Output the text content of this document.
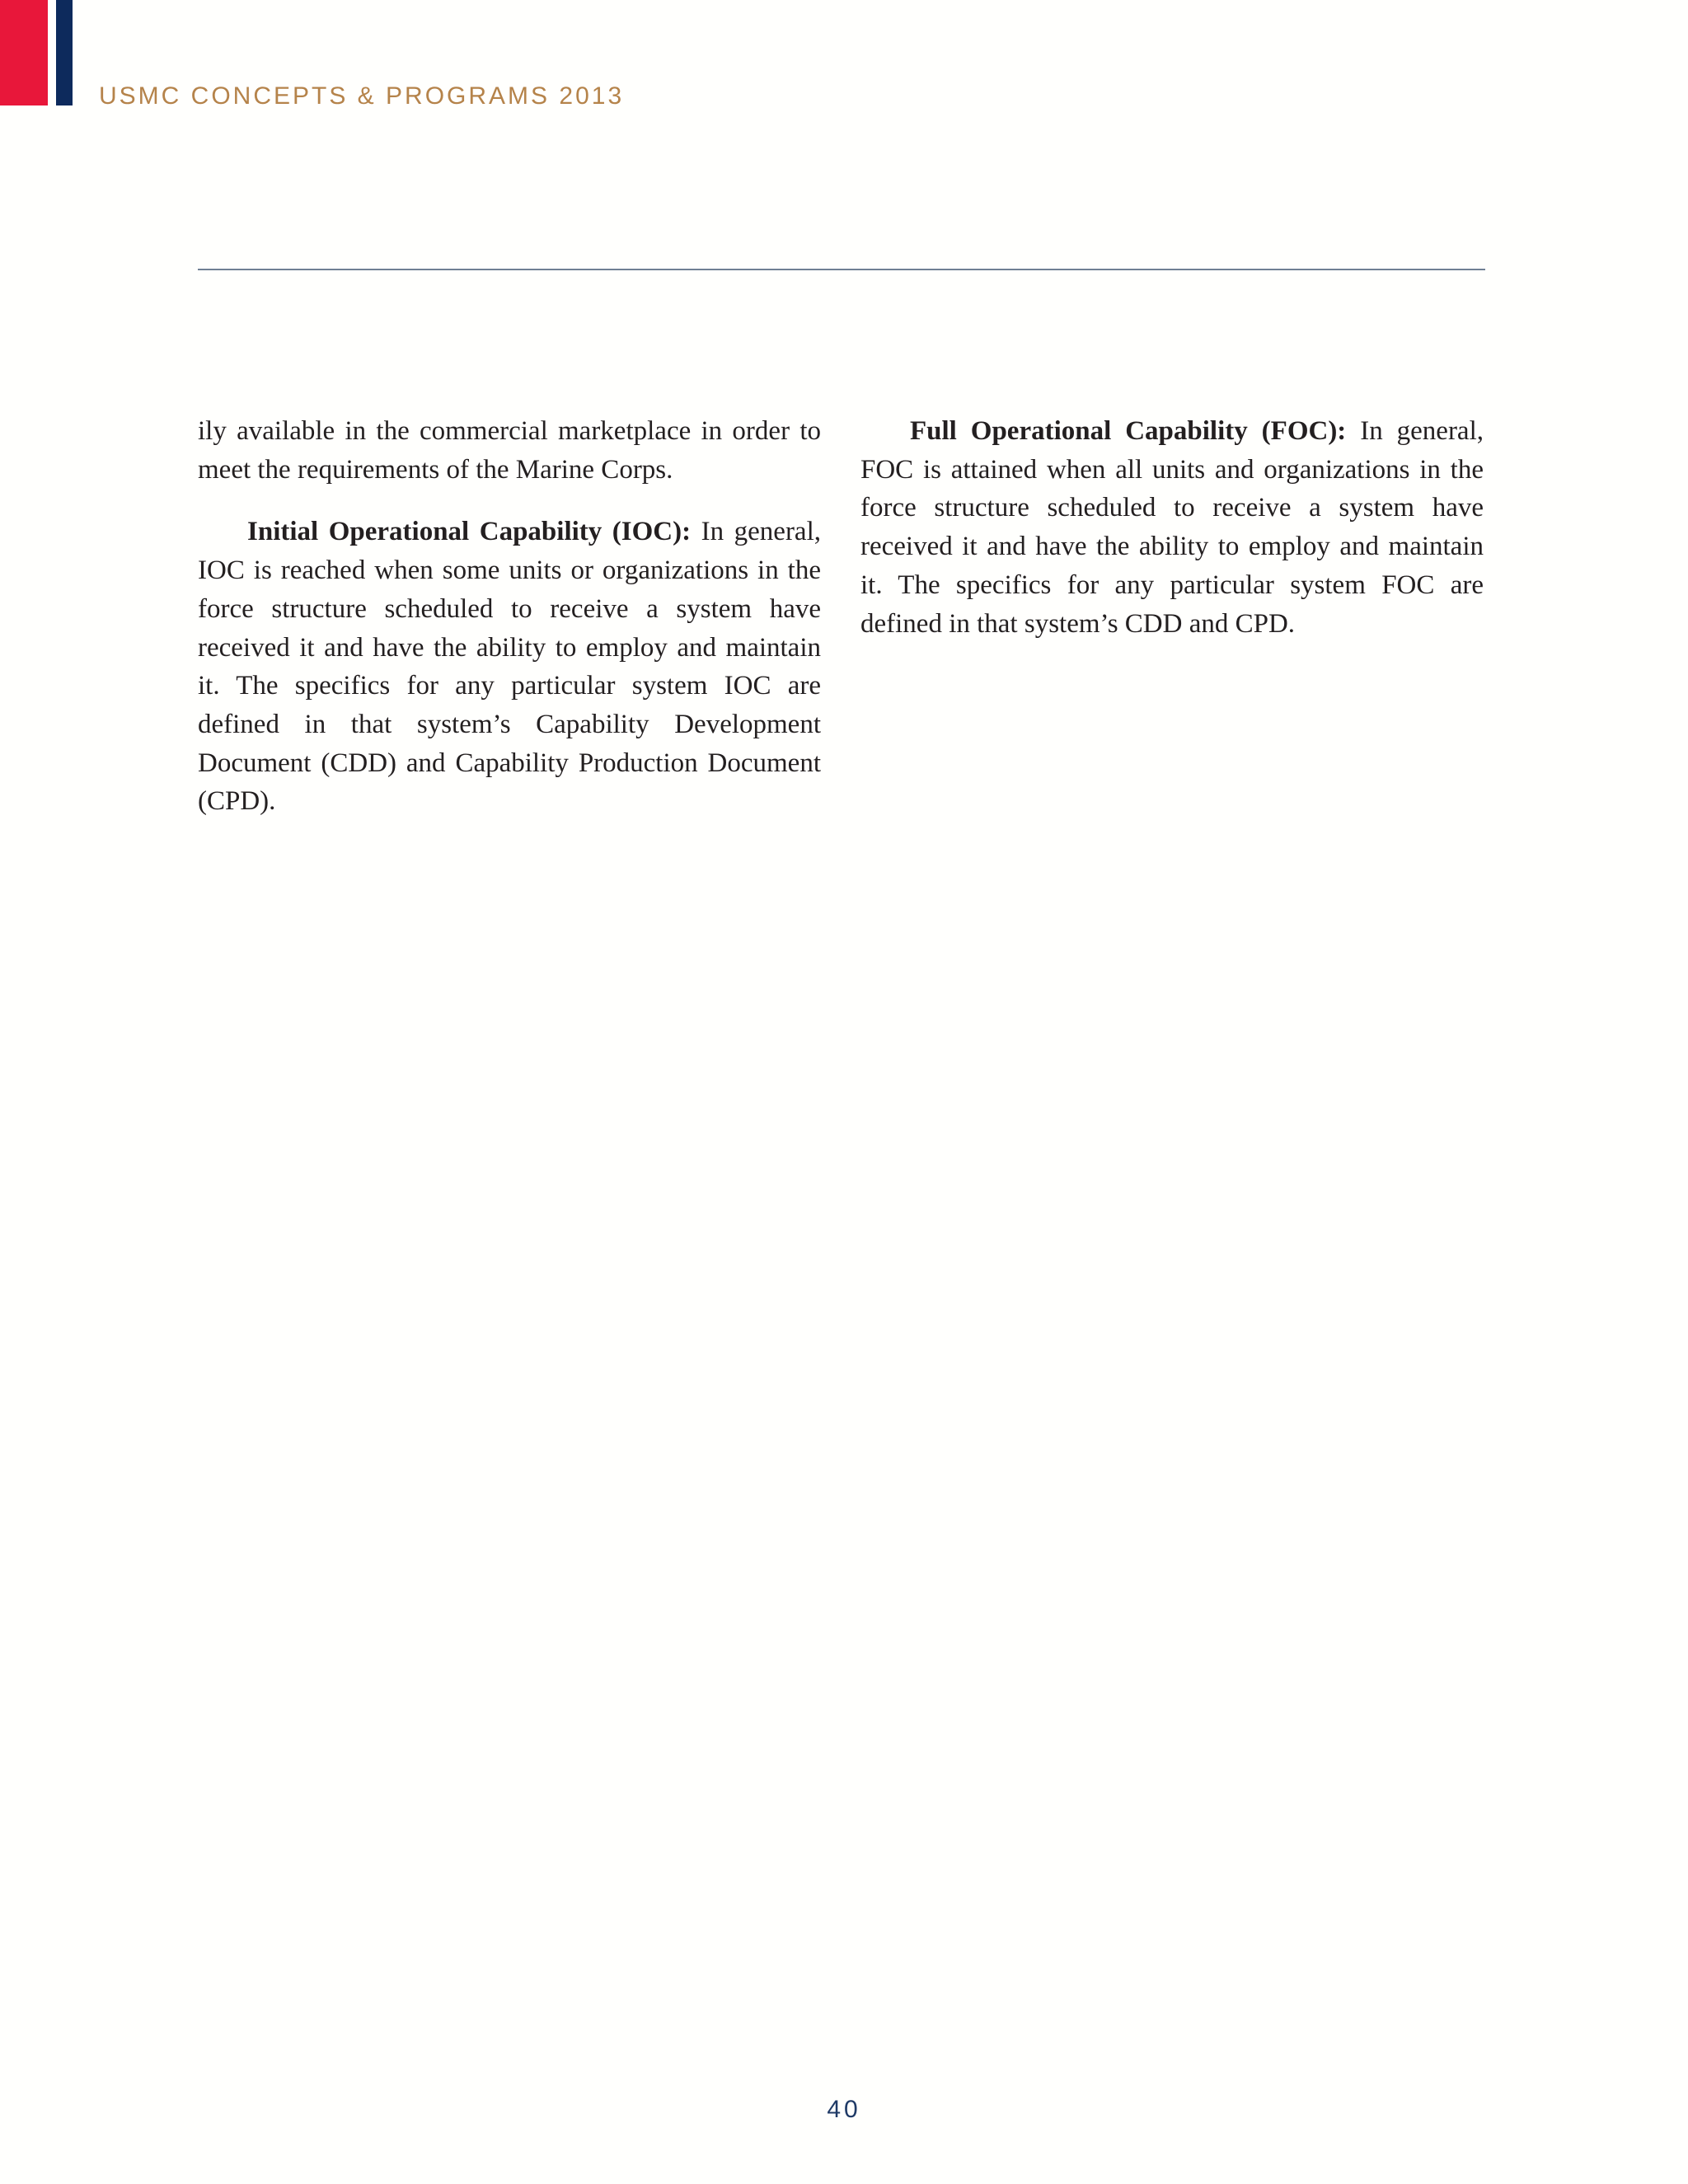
USMC CONCEPTS & PROGRAMS 2013

ily available in the commercial marketplace in order to meet the requirements of the Marine Corps.

Initial Operational Capability (IOC): In general, IOC is reached when some units or organizations in the force structure scheduled to receive a system have received it and have the ability to employ and maintain it. The specifics for any particular system IOC are defined in that system’s Capability Development Document (CDD) and Capability Production Document (CPD).

Full Operational Capability (FOC): In general, FOC is attained when all units and organizations in the force structure scheduled to receive a system have received it and have the ability to employ and maintain it. The specifics for any particular system FOC are defined in that system’s CDD and CPD.

40
